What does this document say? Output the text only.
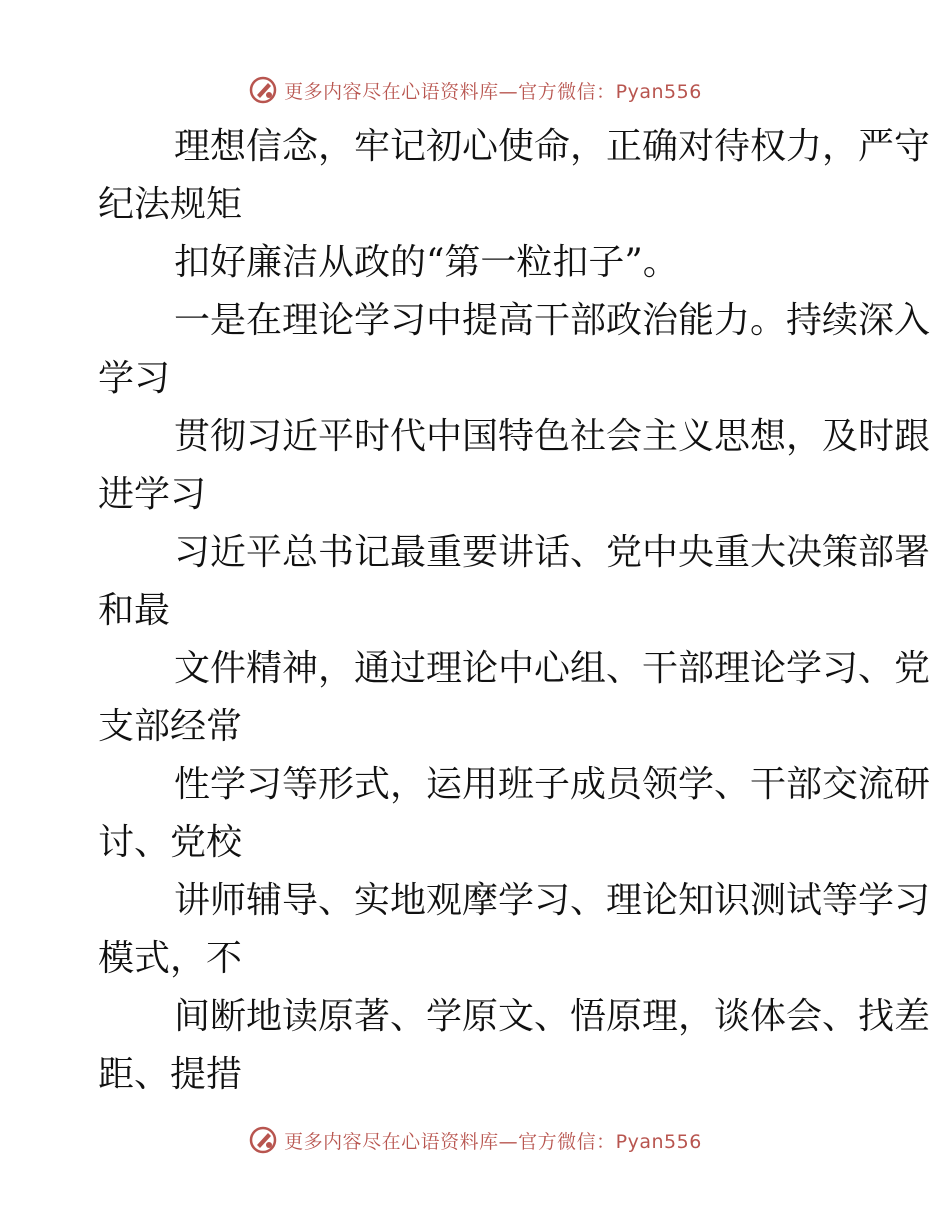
更多内容尽在心语资料库—官方微信：Pyan556

理想信念，牢记初心使命，正确对待权力，严守
纪法规矩

扣好廉洁从政的“第一粒扣子”。

一是在理论学习中提高干部政治能力。持续深入
学习

贯彻习近平时代中国特色社会主义思想，及时跟
进学习

习近平总书记最重要讲话、党中央重大决策部署
和最

文件精神，通过理论中心组、干部理论学习、党
支部经常

性学习等形式，运用班子成员领学、干部交流研
讨、党校

讲师辅导、实地观摩学习、理论知识测试等学习
模式，不

间断地读原著、学原文、悟原理，谈体会、找差
距、提措

更多内容尽在心语资料库—官方微信：Pyan556
